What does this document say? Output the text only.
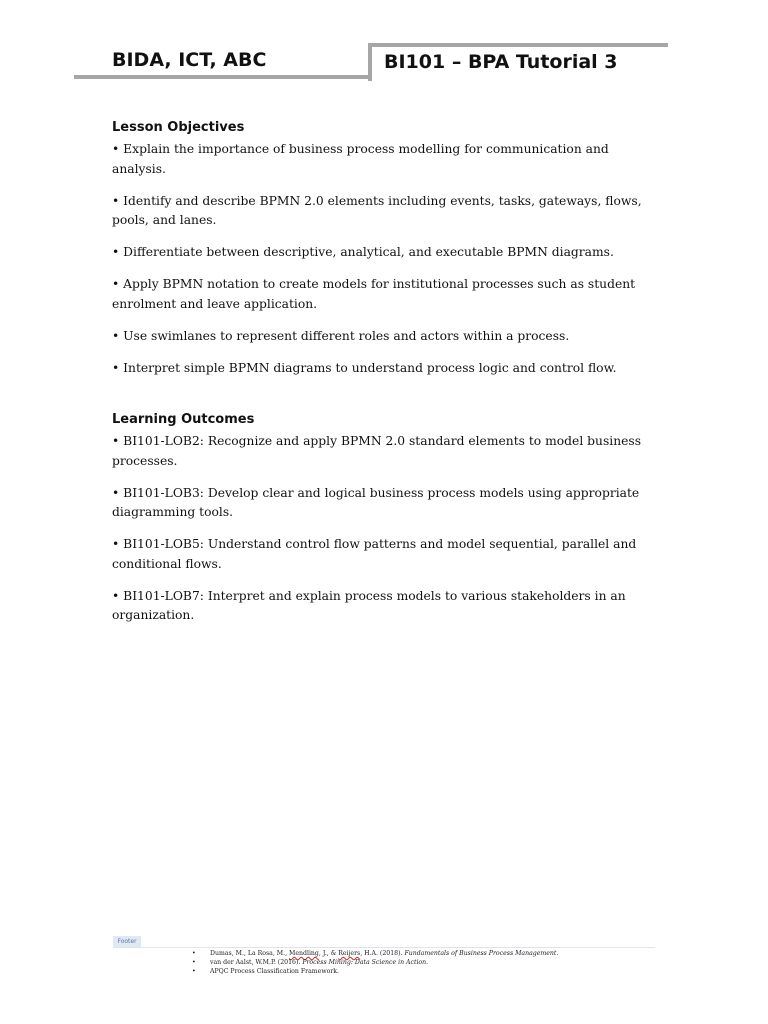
BIDA, ICT, ABC	BI101 – BPA Tutorial 3
Lesson Objectives
• Explain the importance of business process modelling for communication and analysis.
• Identify and describe BPMN 2.0 elements including events, tasks, gateways, flows, pools, and lanes.
• Differentiate between descriptive, analytical, and executable BPMN diagrams.
• Apply BPMN notation to create models for institutional processes such as student enrolment and leave application.
• Use swimlanes to represent different roles and actors within a process.
• Interpret simple BPMN diagrams to understand process logic and control flow.
Learning Outcomes
• BI101-LOB2: Recognize and apply BPMN 2.0 standard elements to model business processes.
• BI101-LOB3: Develop clear and logical business process models using appropriate diagramming tools.
• BI101-LOB5: Understand control flow patterns and model sequential, parallel and conditional flows.
• BI101-LOB7: Interpret and explain process models to various stakeholders in an organization.
Footer
• Dumas, M., La Rosa, M., Mendling, J., & Reijers, H.A. (2018). Fundamentals of Business Process Management.
• van der Aalst, W.M.P. (2016). Process Mining: Data Science in Action.
• APQC Process Classification Framework.
